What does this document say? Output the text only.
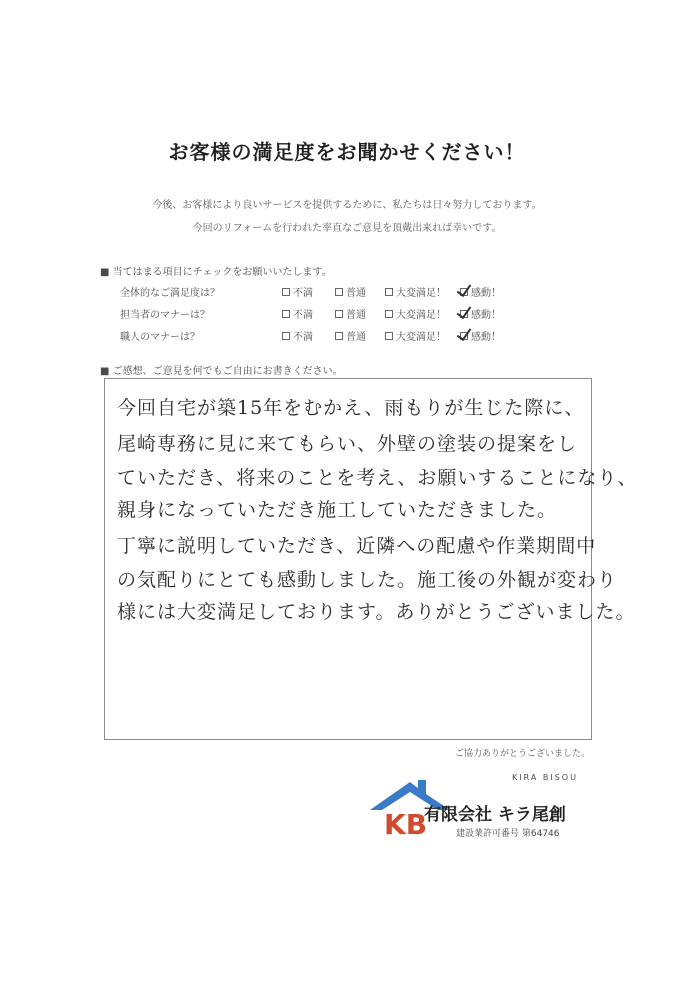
お客様の満足度をお聞かせください！
今後、お客様により良いサービスを提供するために、私たちは日々努力しております。
今回のリフォームを行われた率直なご意見を頂戴出来れば幸いです。
■ 当てはまる項目にチェックをお願いいたします。
全体的なご満足度は？	不満	普通	大変満足！	感動！
担当者のマナーは？	不満	普通	大変満足！	感動！
職人のマナーは？	不満	普通	大変満足！	感動！
■ ご感想、ご意見を何でもご自由にお書きください。
今回自宅が築15年をむかえ、雨もりが生じた際に、
尾崎専務に見に来てもらい、外壁の塗装の提案をし
ていただき、将来のことを考え、お願いすることになり、
親身になっていただき施工していただきました。
丁寧に説明していただき、近隣への配慮や作業期間中
の気配りにとても感動しました。施工後の外観が変わり
様には大変満足しております。ありがとうございました。
ご協力ありがとうございました。
KB
KIRA BISOU
有限会社 キラ尾創
建設業許可番号 第64746
